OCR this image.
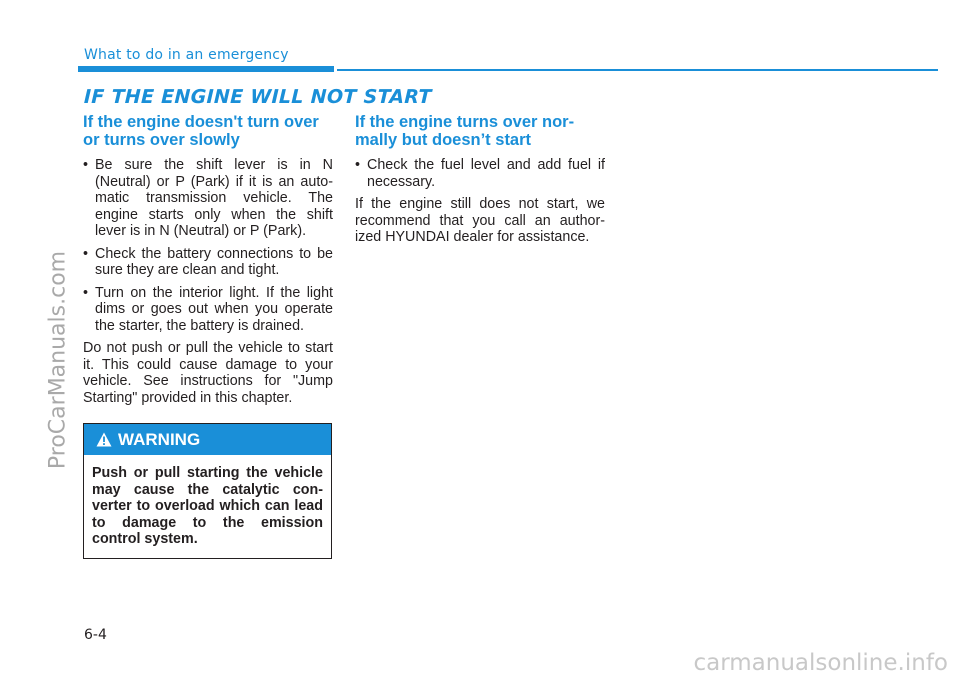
What to do in an emergency
IF THE ENGINE WILL NOT START
If the engine doesn't turn over or turns over slowly
• Be sure the shift lever is in N (Neutral) or P (Park) if it is an auto-matic transmission vehicle. The engine starts only when the shift lever is in N (Neutral) or P (Park).
• Check the battery connections to be sure they are clean and tight.
• Turn on the interior light. If the light dims or goes out when you operate the starter, the battery is drained.

Do not push or pull the vehicle to start it. This could cause damage to your vehicle. See instructions for "Jump Starting" provided in this chapter.

WARNING
Push or pull starting the vehicle may cause the catalytic con-verter to overload which can lead to damage to the emission control system.
If the engine turns over nor-mally but doesn’t start
• Check the fuel level and add fuel if necessary.

If the engine still does not start, we recommend that you call an author-ized HYUNDAI dealer for assistance.

6-4
ProCarManuals.com
carmanualsonline.info
